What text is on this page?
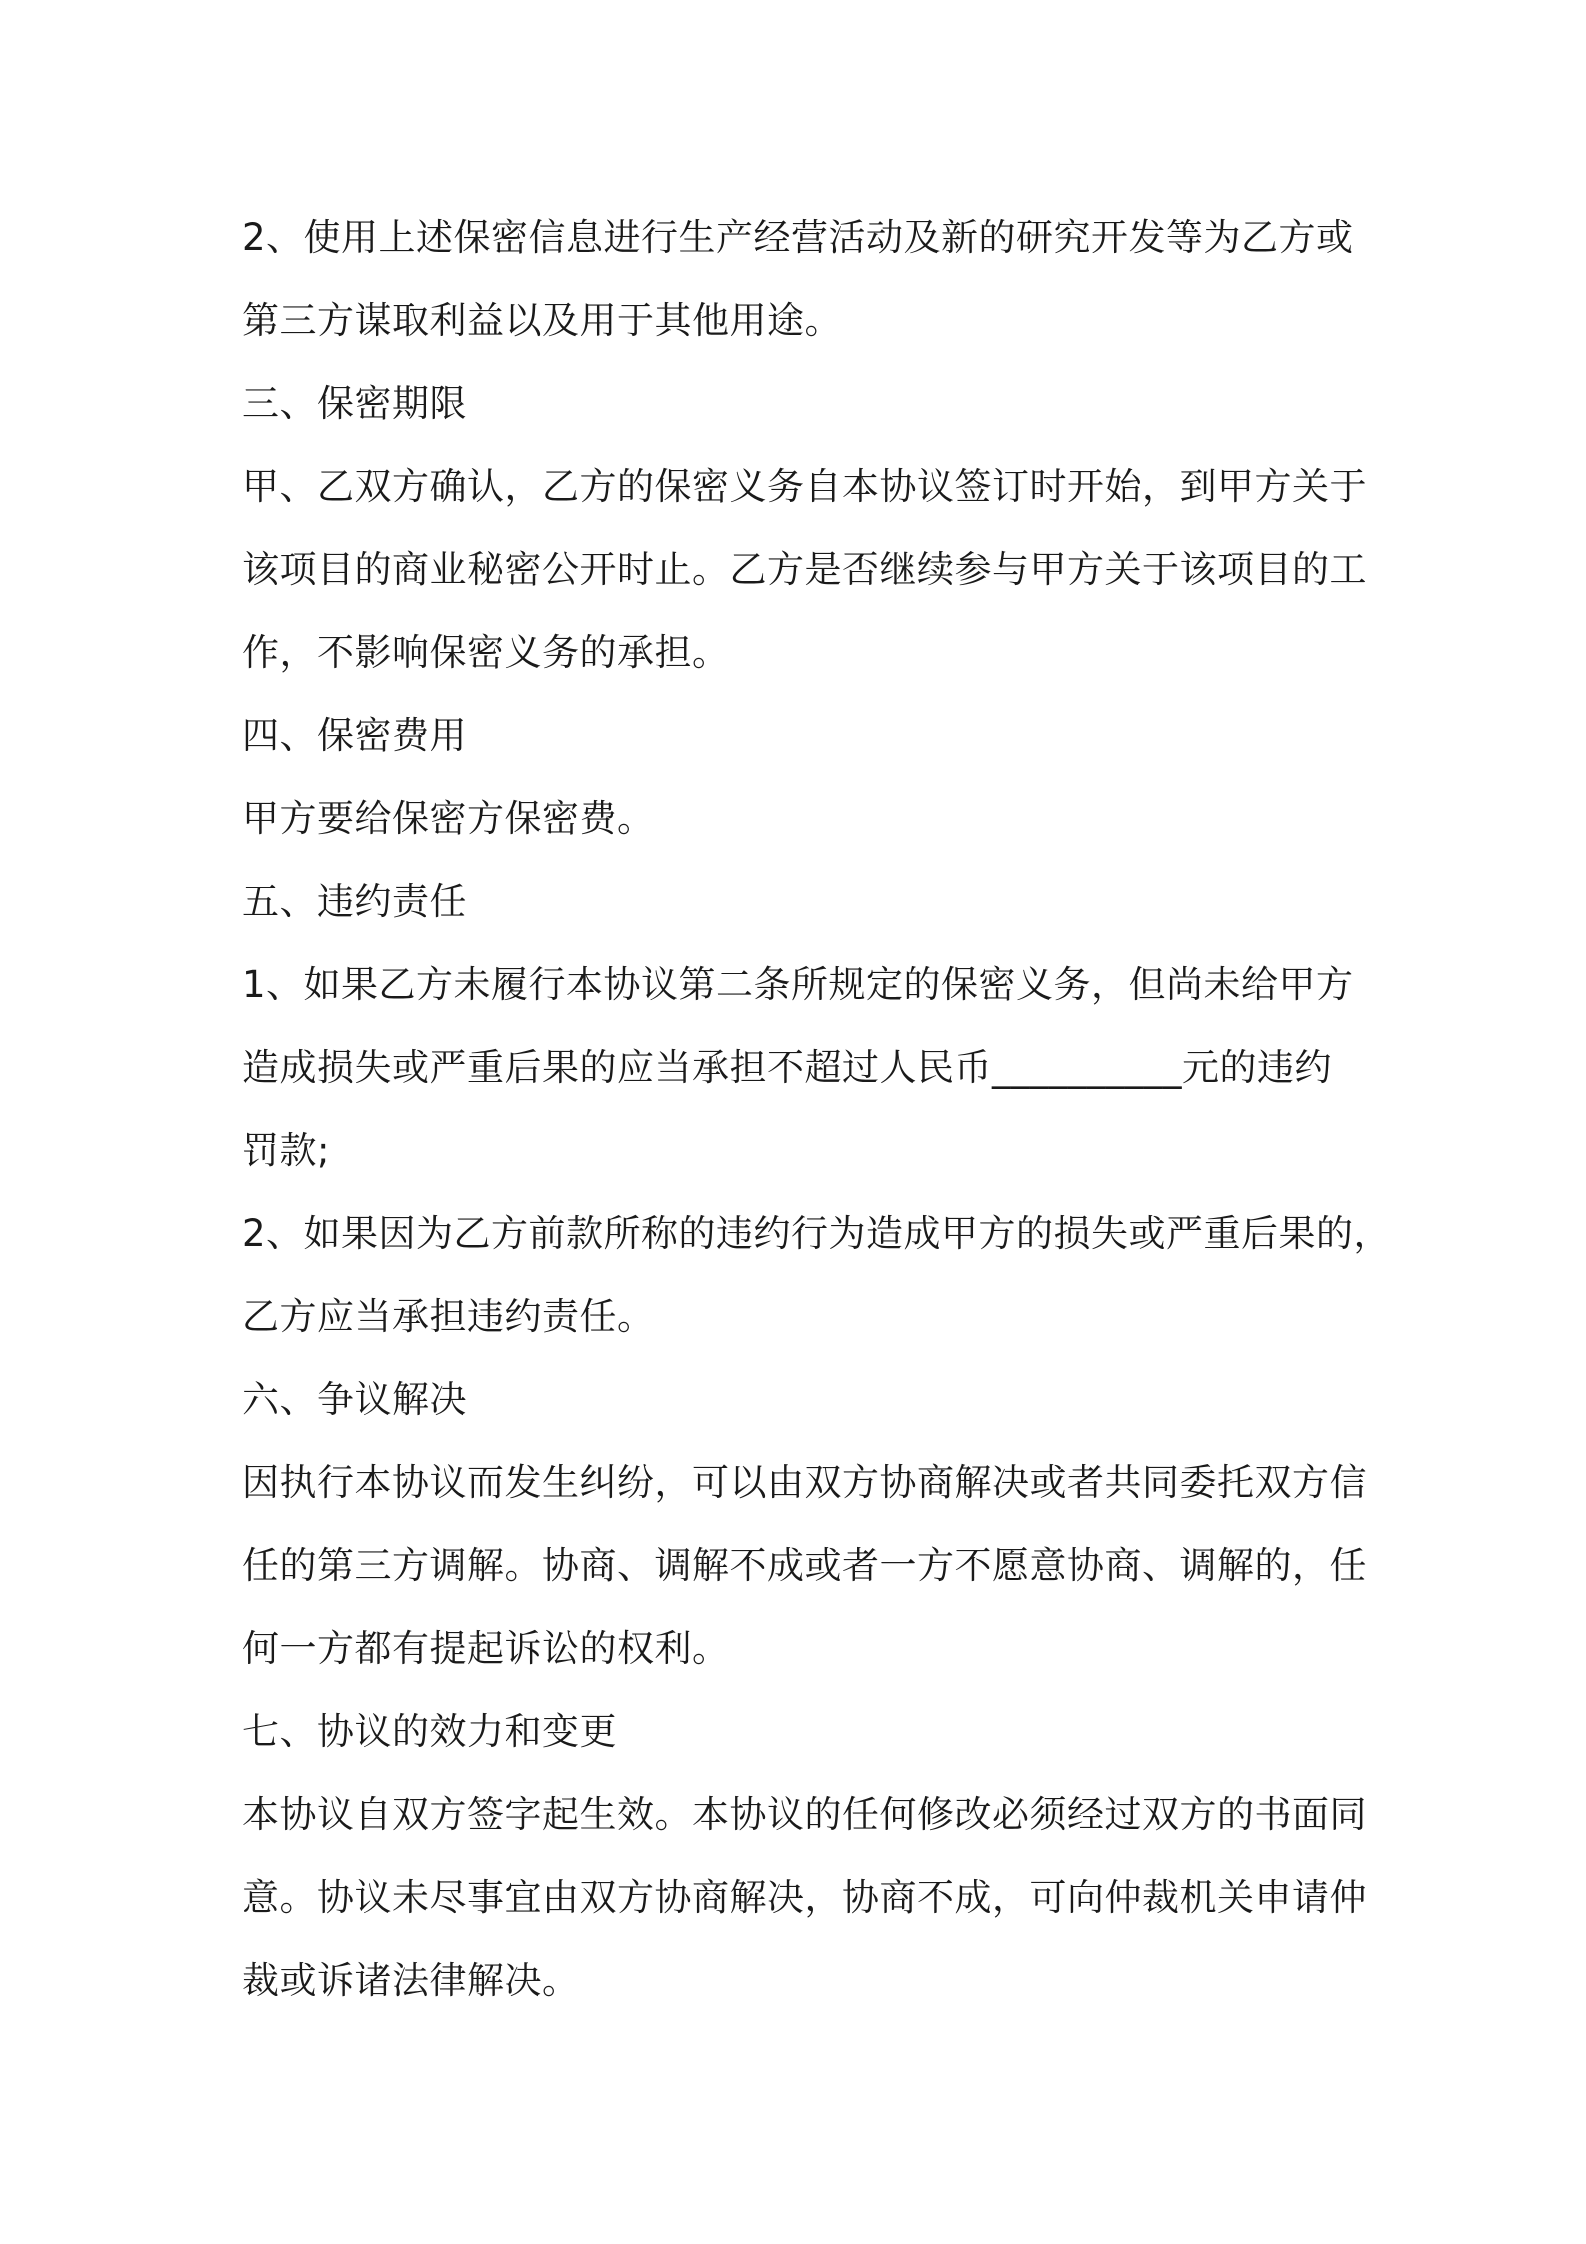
2、使用上述保密信息进行生产经营活动及新的研究开发等为乙方或
第三方谋取利益以及用于其他用途。
三、保密期限
甲、乙双方确认，乙方的保密义务自本协议签订时开始，到甲方关于
该项目的商业秘密公开时止。乙方是否继续参与甲方关于该项目的工
作，不影响保密义务的承担。
四、保密费用
甲方要给保密方保密费。
五、违约责任
1、如果乙方未履行本协议第二条所规定的保密义务，但尚未给甲方
造成损失或严重后果的应当承担不超过人民币__________元的违约
罚款;
2、如果因为乙方前款所称的违约行为造成甲方的损失或严重后果的，
乙方应当承担违约责任。
六、争议解决
因执行本协议而发生纠纷，可以由双方协商解决或者共同委托双方信
任的第三方调解。协商、调解不成或者一方不愿意协商、调解的，任
何一方都有提起诉讼的权利。
七、协议的效力和变更
本协议自双方签字起生效。本协议的任何修改必须经过双方的书面同
意。协议未尽事宜由双方协商解决，协商不成，可向仲裁机关申请仲
裁或诉诸法律解决。
